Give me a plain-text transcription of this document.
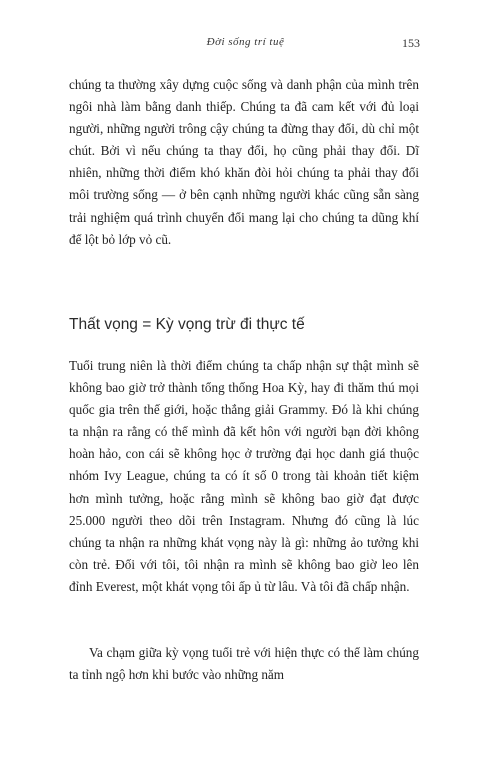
Đời sống trí tuệ	153

chúng ta thường xây dựng cuộc sống và danh phận của mình trên ngôi nhà làm bằng danh thiếp. Chúng ta đã cam kết với đủ loại người, những người trông cậy chúng ta đừng thay đổi, dù chỉ một chút. Bởi vì nếu chúng ta thay đổi, họ cũng phải thay đổi. Dĩ nhiên, những thời điểm khó khăn đòi hỏi chúng ta phải thay đổi môi trường sống — ở bên cạnh những người khác cũng sẵn sàng trải nghiệm quá trình chuyển đổi mang lại cho chúng ta dũng khí để lột bỏ lớp vỏ cũ.

Thất vọng = Kỳ vọng trừ đi thực tế

Tuổi trung niên là thời điểm chúng ta chấp nhận sự thật mình sẽ không bao giờ trở thành tổng thống Hoa Kỳ, hay đi thăm thú mọi quốc gia trên thế giới, hoặc thắng giải Grammy. Đó là khi chúng ta nhận ra rằng có thể mình đã kết hôn với người bạn đời không hoàn hảo, con cái sẽ không học ở trường đại học danh giá thuộc nhóm Ivy League, chúng ta có ít số 0 trong tài khoản tiết kiệm hơn mình tưởng, hoặc rằng mình sẽ không bao giờ đạt được 25.000 người theo dõi trên Instagram. Nhưng đó cũng là lúc chúng ta nhận ra những khát vọng này là gì: những ảo tưởng khi còn trẻ. Đối với tôi, tôi nhận ra mình sẽ không bao giờ leo lên đỉnh Everest, một khát vọng tôi ấp ủ từ lâu. Và tôi đã chấp nhận.

Va chạm giữa kỳ vọng tuổi trẻ với hiện thực có thể làm chúng ta tỉnh ngộ hơn khi bước vào những năm
